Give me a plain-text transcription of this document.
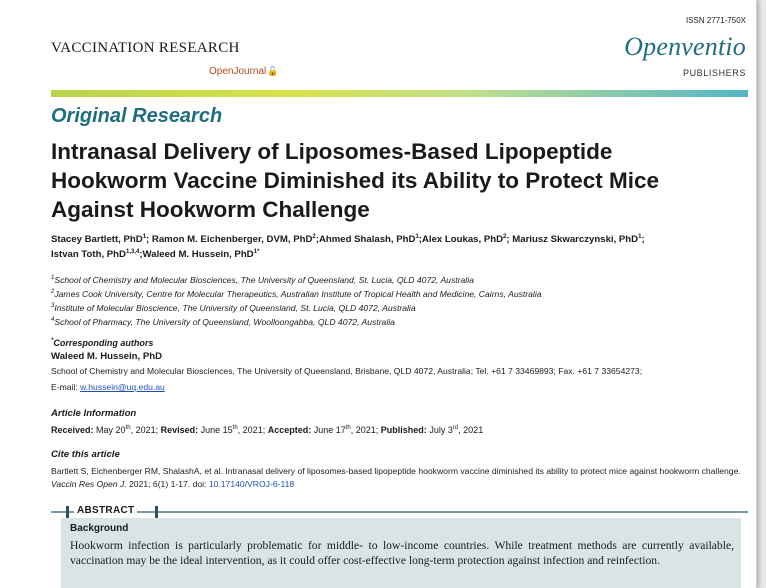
ISSN 2771-750X
VACCINATION RESEARCH
OpenJournal🔓
Openventio
PUBLISHERS
Original Research
Intranasal Delivery of Liposomes-Based Lipopeptide
Hookworm Vaccine Diminished its Ability to Protect Mice
Against Hookworm Challenge
Stacey Bartlett, PhD$^1$; Ramon M. Eichenberger, DVM, PhD$^2$;Ahmed Shalash, PhD$^1$;Alex Loukas, PhD$^2$; Mariusz Skwarczynski, PhD$^1$;
Istvan Toth, PhD$^{1,3,4}$;Waleed M. Hussein, PhD$^{1*}$
$^1$School of Chemistry and Molecular Biosciences, The University of Queensland, St. Lucia, QLD 4072, Australia
$^2$James Cook University, Centre for Molecular Therapeutics, Australian Institute of Tropical Health and Medicine, Cairns, Australia
$^3$Institute of Molecular Bioscience, The University of Queensland, St. Lucia, QLD 4072, Australia
$^4$School of Pharmacy, The University of Queensland, Woolloongabba, QLD 4072, Australia
*Corresponding authors
Waleed M. Hussein, PhD
School of Chemistry and Molecular Biosciences, The University of Queensland, Brisbane, QLD 4072, Australia; Tel. +61 7 33469893; Fax. +61 7 33654273;
E-mail: w.hussein@uq.edu.au
Article Information
Received: May 20th, 2021; Revised: June 15th, 2021; Accepted: June 17th, 2021; Published: July 3rd, 2021
Cite this article
Bartlett S, Eichenberger RM, ShalashA, et al. Intranasal delivery of liposomes-based lipopeptide hookworm vaccine diminished its ability to protect mice against hookworm challenge. Vaccin Res Open J. 2021; 6(1) 1-17. doi: 10.17140/VROJ-6-118
ABSTRACT
Background
Hookworm infection is particularly problematic for middle- to low-income countries. While treatment methods are currently available, vaccination may be the ideal intervention, as it could offer cost-effective long-term protection against infection and reinfection.
